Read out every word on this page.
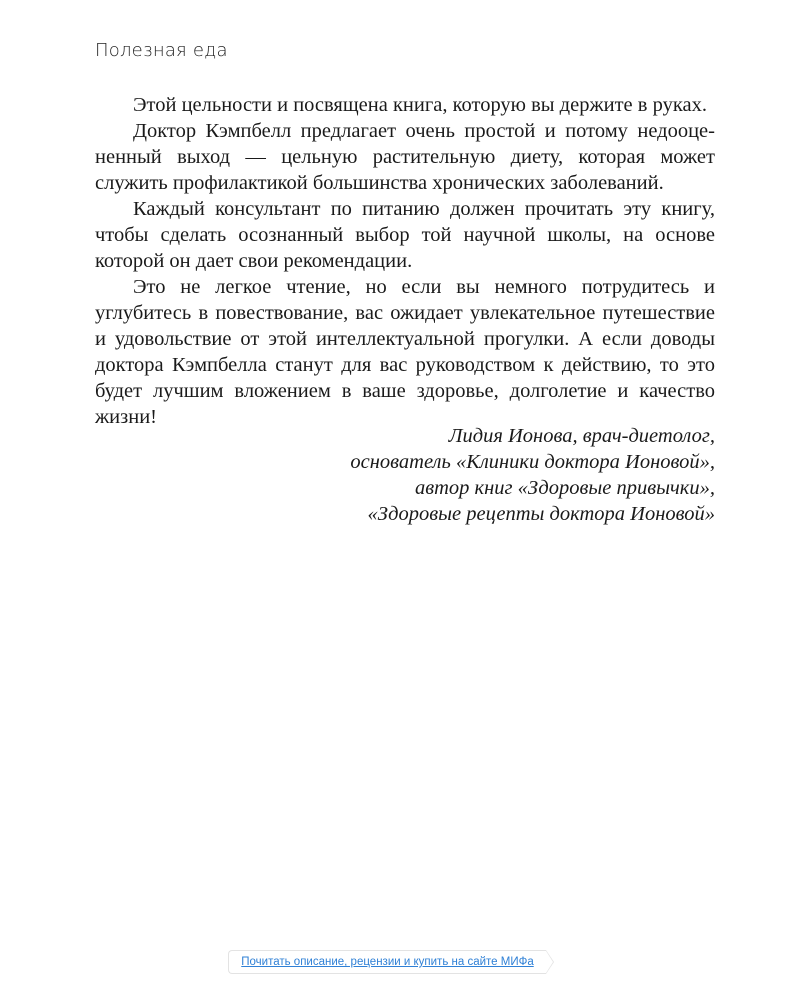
Полезная еда

Этой цельности и посвящена книга, которую вы держите в руках.

Доктор Кэмпбелл предлагает очень простой и потому недооцененный выход — цельную растительную диету, которая может служить профилактикой большинства хронических заболеваний.

Каждый консультант по питанию должен прочитать эту книгу, чтобы сделать осознанный выбор той научной школы, на основе которой он дает свои рекомендации.

Это не легкое чтение, но если вы немного потрудитесь и углубитесь в повествование, вас ожидает увлекательное путешествие и удовольствие от этой интеллектуальной прогулки. А если доводы доктора Кэмпбелла станут для вас руководством к действию, то это будет лучшим вложением в ваше здоровье, долголетие и качество жизни!

Лидия Ионова, врач-диетолог,
основатель «Клиники доктора Ионовой»,
автор книг «Здоровые привычки»,
«Здоровые рецепты доктора Ионовой»
Почитать описание, рецензии и купить на сайте МИФа
